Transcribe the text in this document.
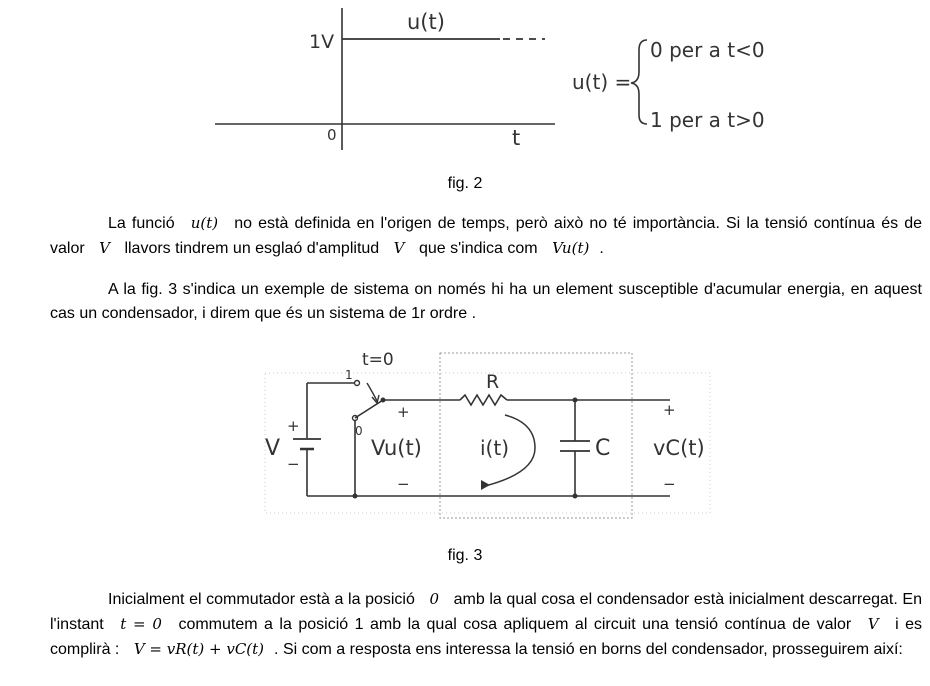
1V
u(t)
0	t
u(t) =
0 per a t<0
1 per a t>0
fig. 2
La funció u(t) no està definida en l'origen de temps, però això no té importància. Si la tensió contínua és de valor V llavors tindrem un esglaó d'amplitud V que s'indica com Vu(t) .
A la fig. 3 s'indica un exemple de sistema on només hi ha un element susceptible d'acumular energia, en aquest cas un condensador, i direm que és un sistema de 1r ordre .
V
+
−
1
0
t=0
R
C
+
Vu(t)
−
i(t)
+
vC(t)
−
fig. 3
Inicialment el commutador està a la posició 0 amb la qual cosa el condensador està inicialment descarregat. En l'instant t = 0 commutem a la posició 1 amb la qual cosa apliquem al circuit una tensió contínua de valor V i es complirà : V = vR(t) + vC(t) . Si com a resposta ens interessa la tensió en borns del condensador, prosseguirem així:
